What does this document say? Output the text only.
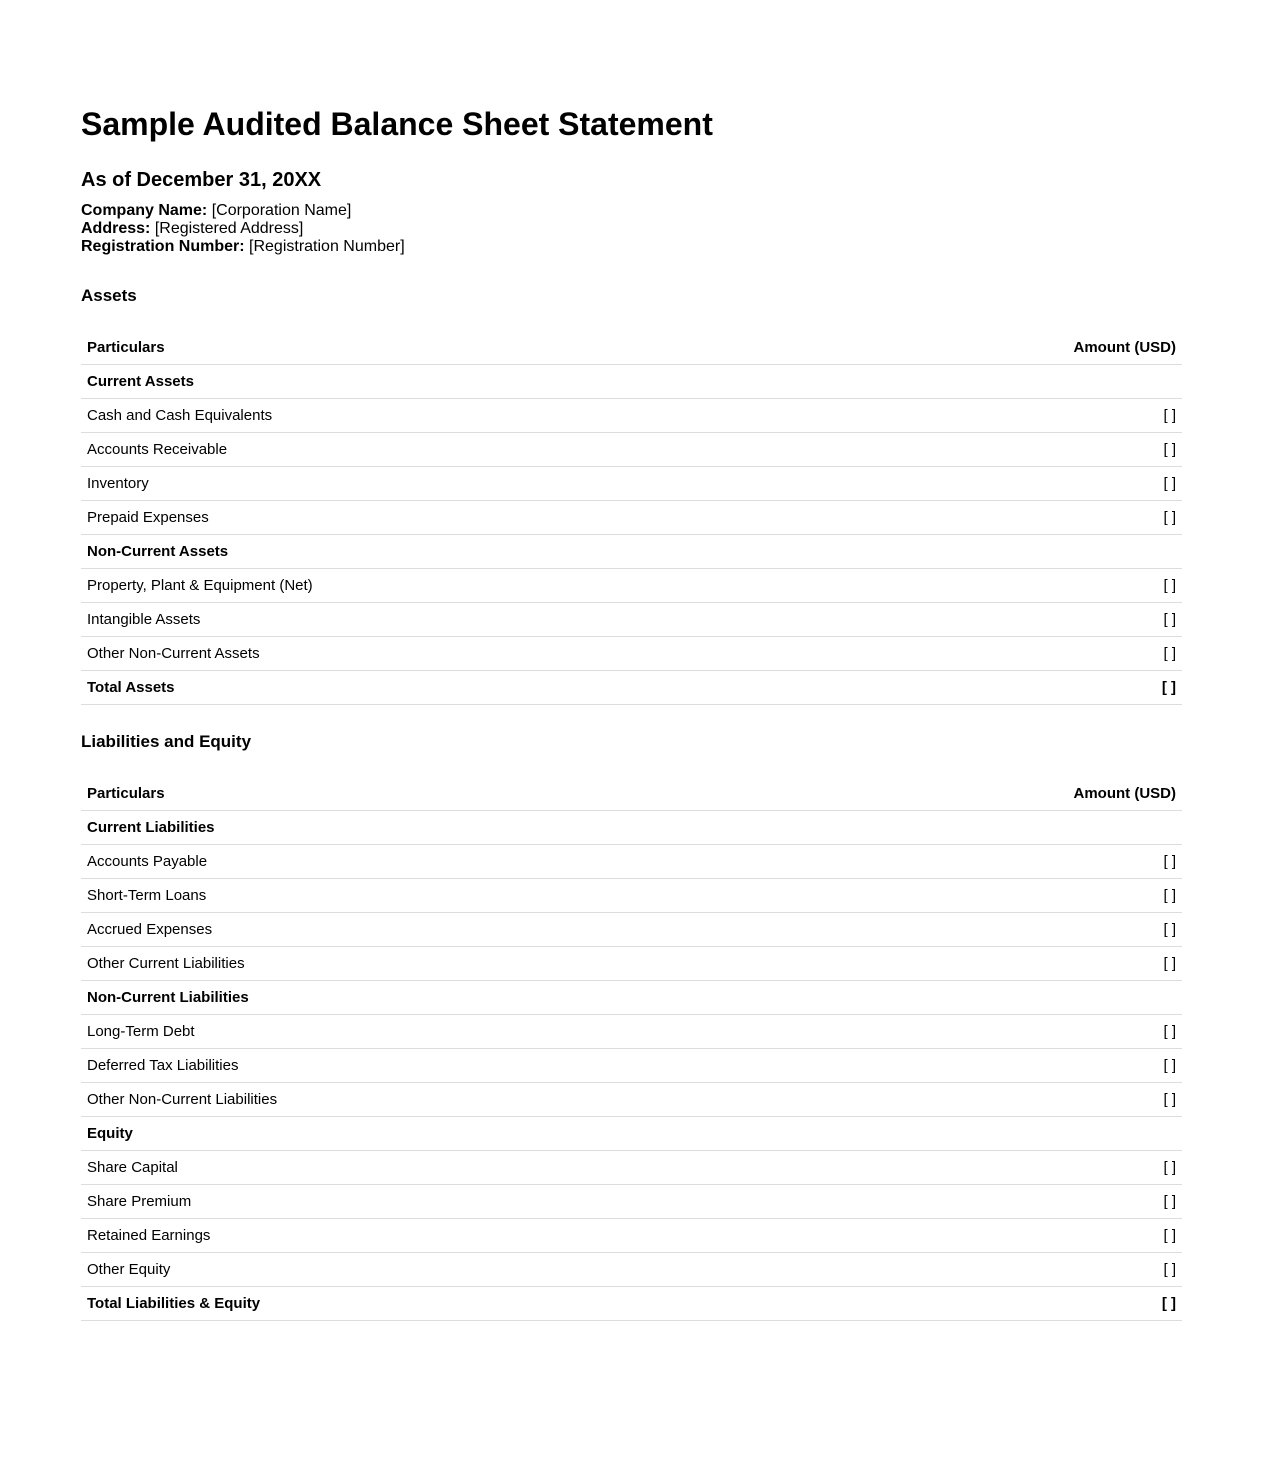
Sample Audited Balance Sheet Statement
As of December 31, 20XX
Company Name: [Corporation Name]
Address: [Registered Address]
Registration Number: [Registration Number]
Assets
Particulars	Amount (USD)
Current Assets	
Cash and Cash Equivalents	[ ]
Accounts Receivable	[ ]
Inventory	[ ]
Prepaid Expenses	[ ]
Non-Current Assets	
Property, Plant & Equipment (Net)	[ ]
Intangible Assets	[ ]
Other Non-Current Assets	[ ]
Total Assets	[ ]
Liabilities and Equity
Particulars	Amount (USD)
Current Liabilities	
Accounts Payable	[ ]
Short-Term Loans	[ ]
Accrued Expenses	[ ]
Other Current Liabilities	[ ]
Non-Current Liabilities	
Long-Term Debt	[ ]
Deferred Tax Liabilities	[ ]
Other Non-Current Liabilities	[ ]
Equity	
Share Capital	[ ]
Share Premium	[ ]
Retained Earnings	[ ]
Other Equity	[ ]
Total Liabilities & Equity	[ ]
